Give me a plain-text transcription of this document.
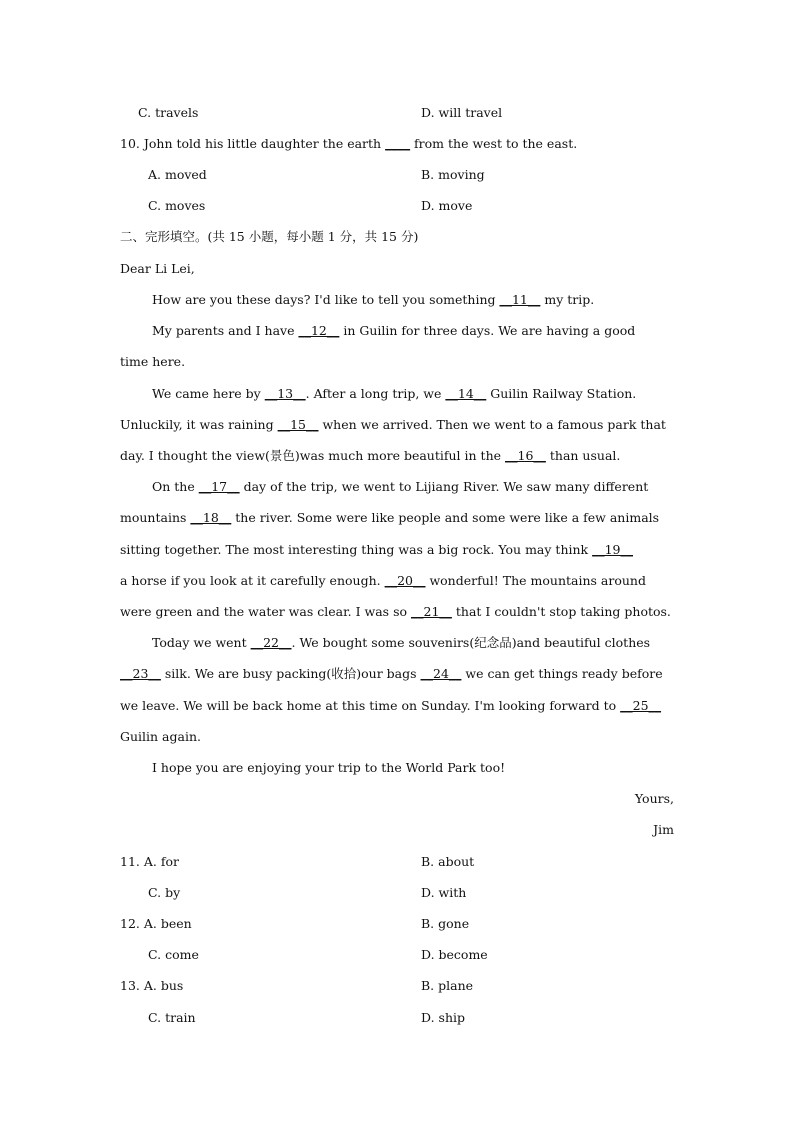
C. travels	D. will travel
10. John told his little daughter the earth ____ from the west to the east.
A. moved	B. moving
C. moves	D. move
二、完形填空。(共 15 小题，每小题 1 分，共 15 分)
Dear Li Lei,
How are you these days? I'd like to tell you something __11__ my trip.
My parents and I have __12__ in Guilin for three days. We are having a good
time here.
We came here by __13__. After a long trip, we __14__ Guilin Railway Station.
Unluckily, it was raining __15__ when we arrived. Then we went to a famous park that
day. I thought the view(景色)was much more beautiful in the __16__ than usual.
On the __17__ day of the trip, we went to Lijiang River. We saw many different
mountains __18__ the river. Some were like people and some were like a few animals
sitting together. The most interesting thing was a big rock. You may think __19__
a horse if you look at it carefully enough. __20__ wonderful! The mountains around
were green and the water was clear. I was so __21__ that I couldn't stop taking photos.
Today we went __22__. We bought some souvenirs(纪念品)and beautiful clothes
__23__ silk. We are busy packing(收拾)our bags __24__ we can get things ready before
we leave. We will be back home at this time on Sunday. I'm looking forward to __25__
Guilin again.
I hope you are enjoying your trip to the World Park too!
Yours,
Jim
11. A. for	B. about
C. by	D. with
12. A. been	B. gone
C. come	D. become
13. A. bus	B. plane
C. train	D. ship
